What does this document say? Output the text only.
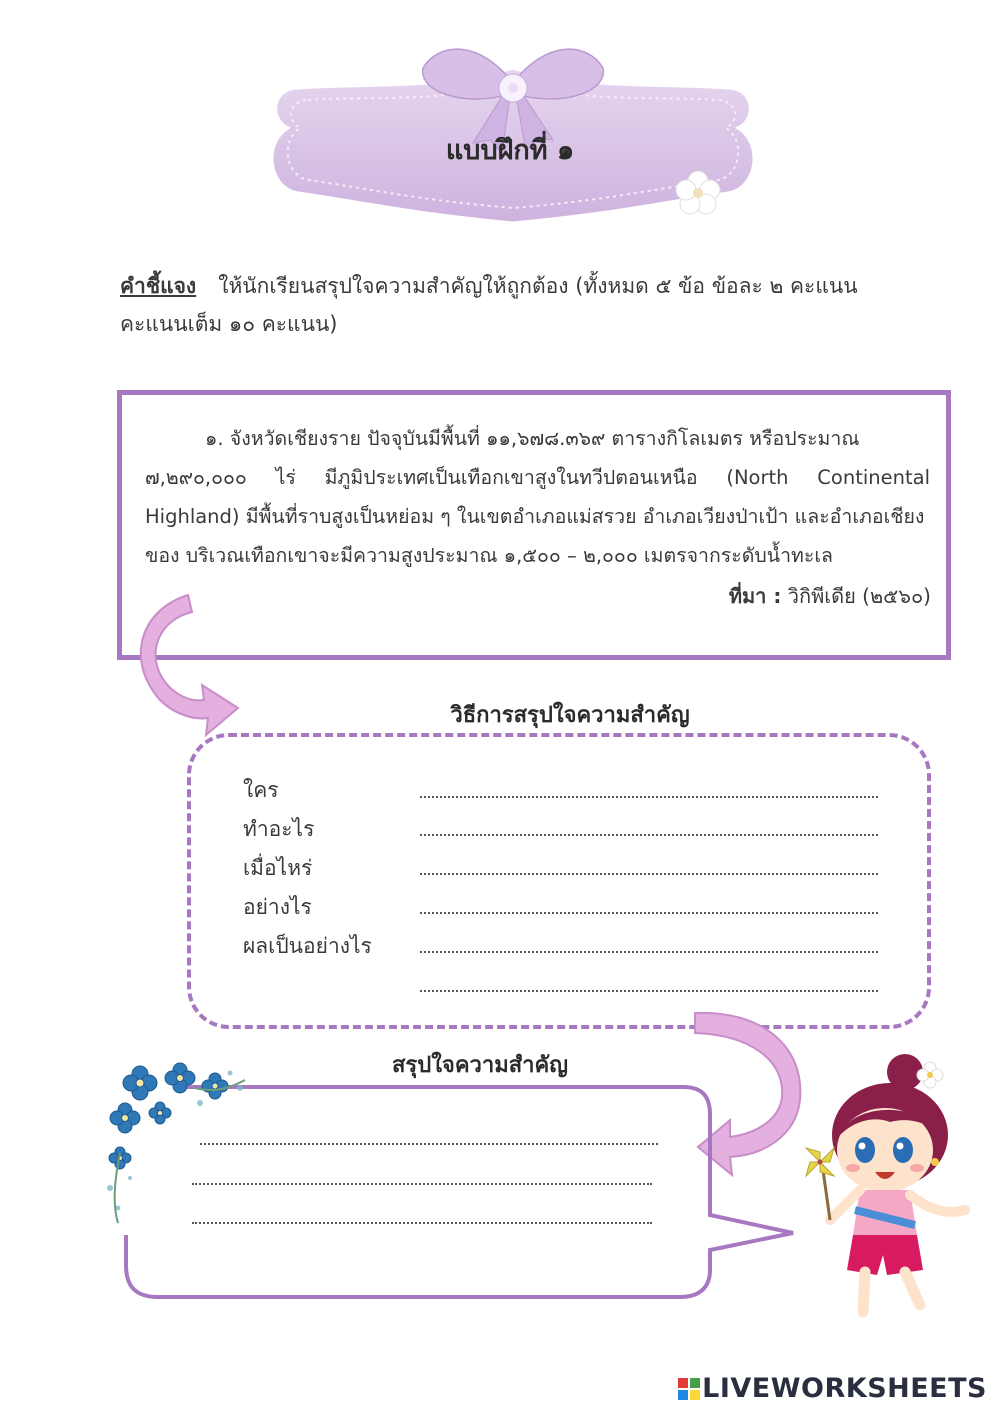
แบบฝึกที่ ๑
คำชี้แจง ให้นักเรียนสรุปใจความสำคัญให้ถูกต้อง (ทั้งหมด ๕ ข้อ ข้อละ ๒ คะแนน
คะแนนเต็ม ๑๐ คะแนน)
๑. จังหวัดเชียงราย ปัจจุบันมีพื้นที่ ๑๑,๖๗๘.๓๖๙ ตารางกิโลเมตร หรือประมาณ
๗,๒๙๐,๐๐๐ ไร่ มีภูมิประเทศเป็นเทือกเขาสูงในทวีปตอนเหนือ (North Continental
Highland) มีพื้นที่ราบสูงเป็นหย่อม ๆ ในเขตอำเภอแม่สรวย อำเภอเวียงป่าเป้า และอำเภอเชียง
ของ บริเวณเทือกเขาจะมีความสูงประมาณ ๑,๕๐๐ – ๒,๐๐๐ เมตรจากระดับน้ำทะเล
ที่มา : วิกิพีเดีย (๒๕๖๐)
วิธีการสรุปใจความสำคัญ
ใคร
ทำอะไร
เมื่อไหร่
อย่างไร
ผลเป็นอย่างไร
สรุปใจความสำคัญ
LIVEWORKSHEETS
